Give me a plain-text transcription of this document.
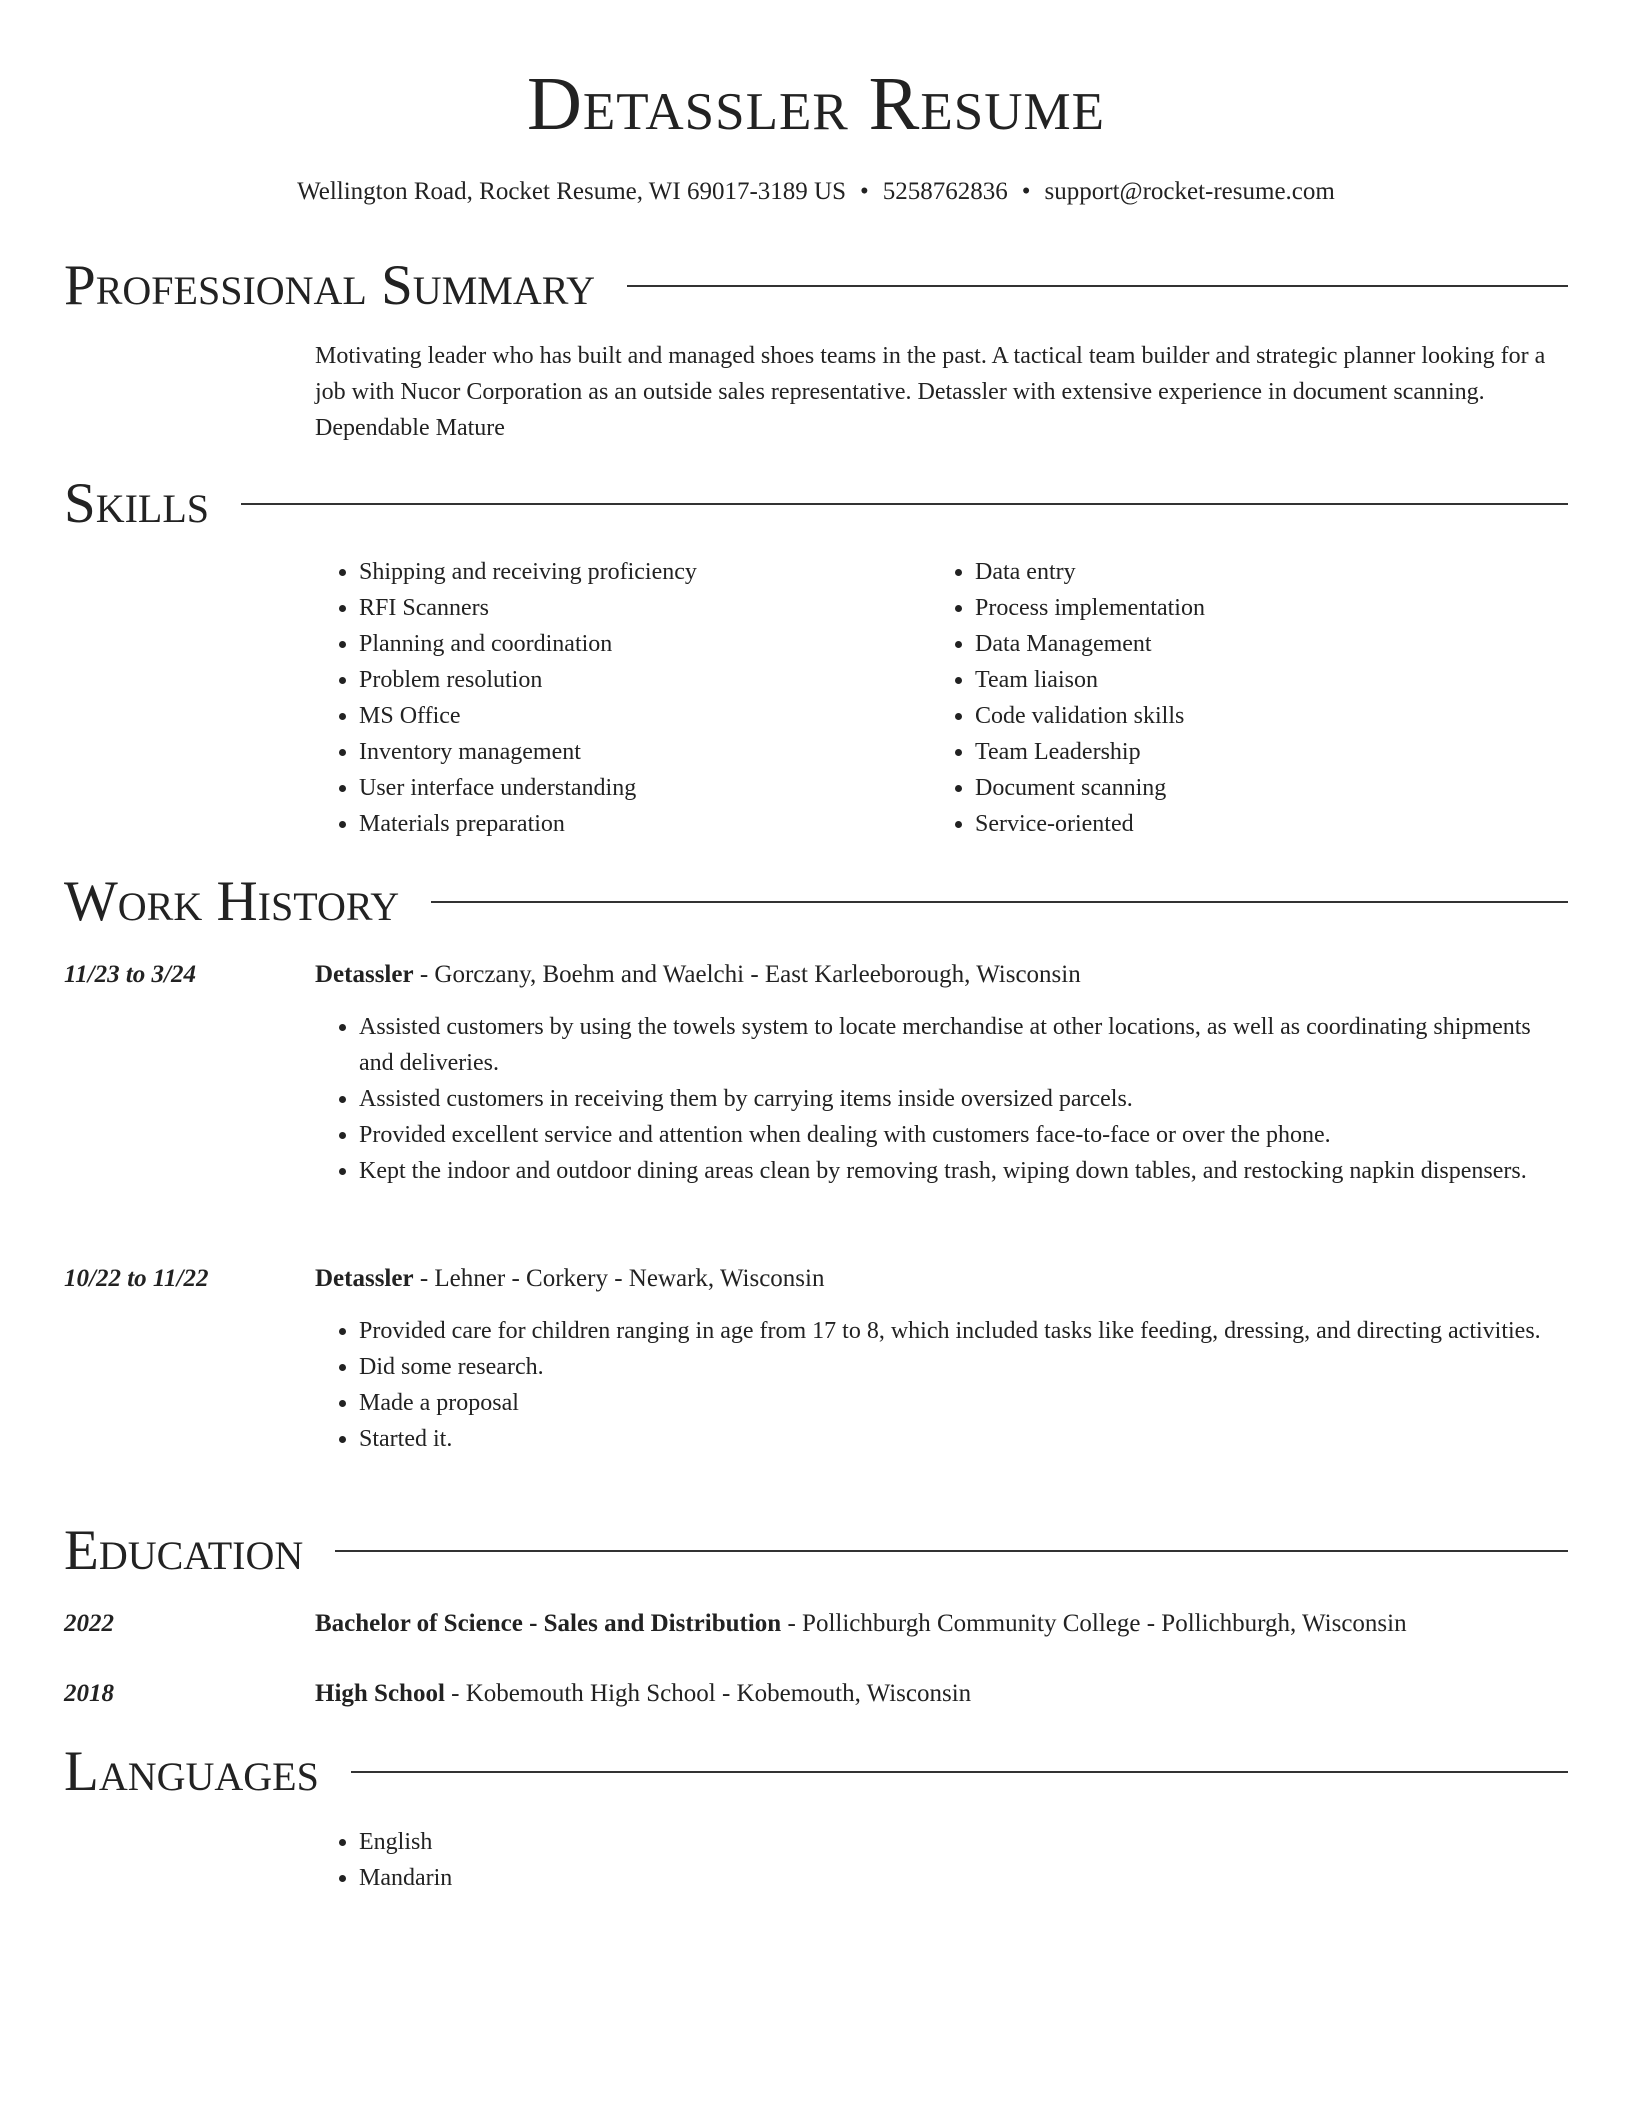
Detassler Resume
Wellington Road, Rocket Resume, WI 69017-3189 US • 5258762836 • support@rocket-resume.com
Professional Summary
Motivating leader who has built and managed shoes teams in the past. A tactical team builder and strategic planner looking for a job with Nucor Corporation as an outside sales representative. Detassler with extensive experience in document scanning. Dependable Mature
Skills
• Shipping and receiving proficiency
• RFI Scanners
• Planning and coordination
• Problem resolution
• MS Office
• Inventory management
• User interface understanding
• Materials preparation
• Data entry
• Process implementation
• Data Management
• Team liaison
• Code validation skills
• Team Leadership
• Document scanning
• Service-oriented
Work History
11/23 to 3/24	Detassler - Gorczany, Boehm and Waelchi - East Karleeborough, Wisconsin
• Assisted customers by using the towels system to locate merchandise at other locations, as well as coordinating shipments and deliveries.
• Assisted customers in receiving them by carrying items inside oversized parcels.
• Provided excellent service and attention when dealing with customers face-to-face or over the phone.
• Kept the indoor and outdoor dining areas clean by removing trash, wiping down tables, and restocking napkin dispensers.
10/22 to 11/22	Detassler - Lehner - Corkery - Newark, Wisconsin
• Provided care for children ranging in age from 17 to 8, which included tasks like feeding, dressing, and directing activities.
• Did some research.
• Made a proposal
• Started it.
Education
2022	Bachelor of Science - Sales and Distribution - Pollichburgh Community College - Pollichburgh, Wisconsin
2018	High School - Kobemouth High School - Kobemouth, Wisconsin
Languages
• English
• Mandarin
